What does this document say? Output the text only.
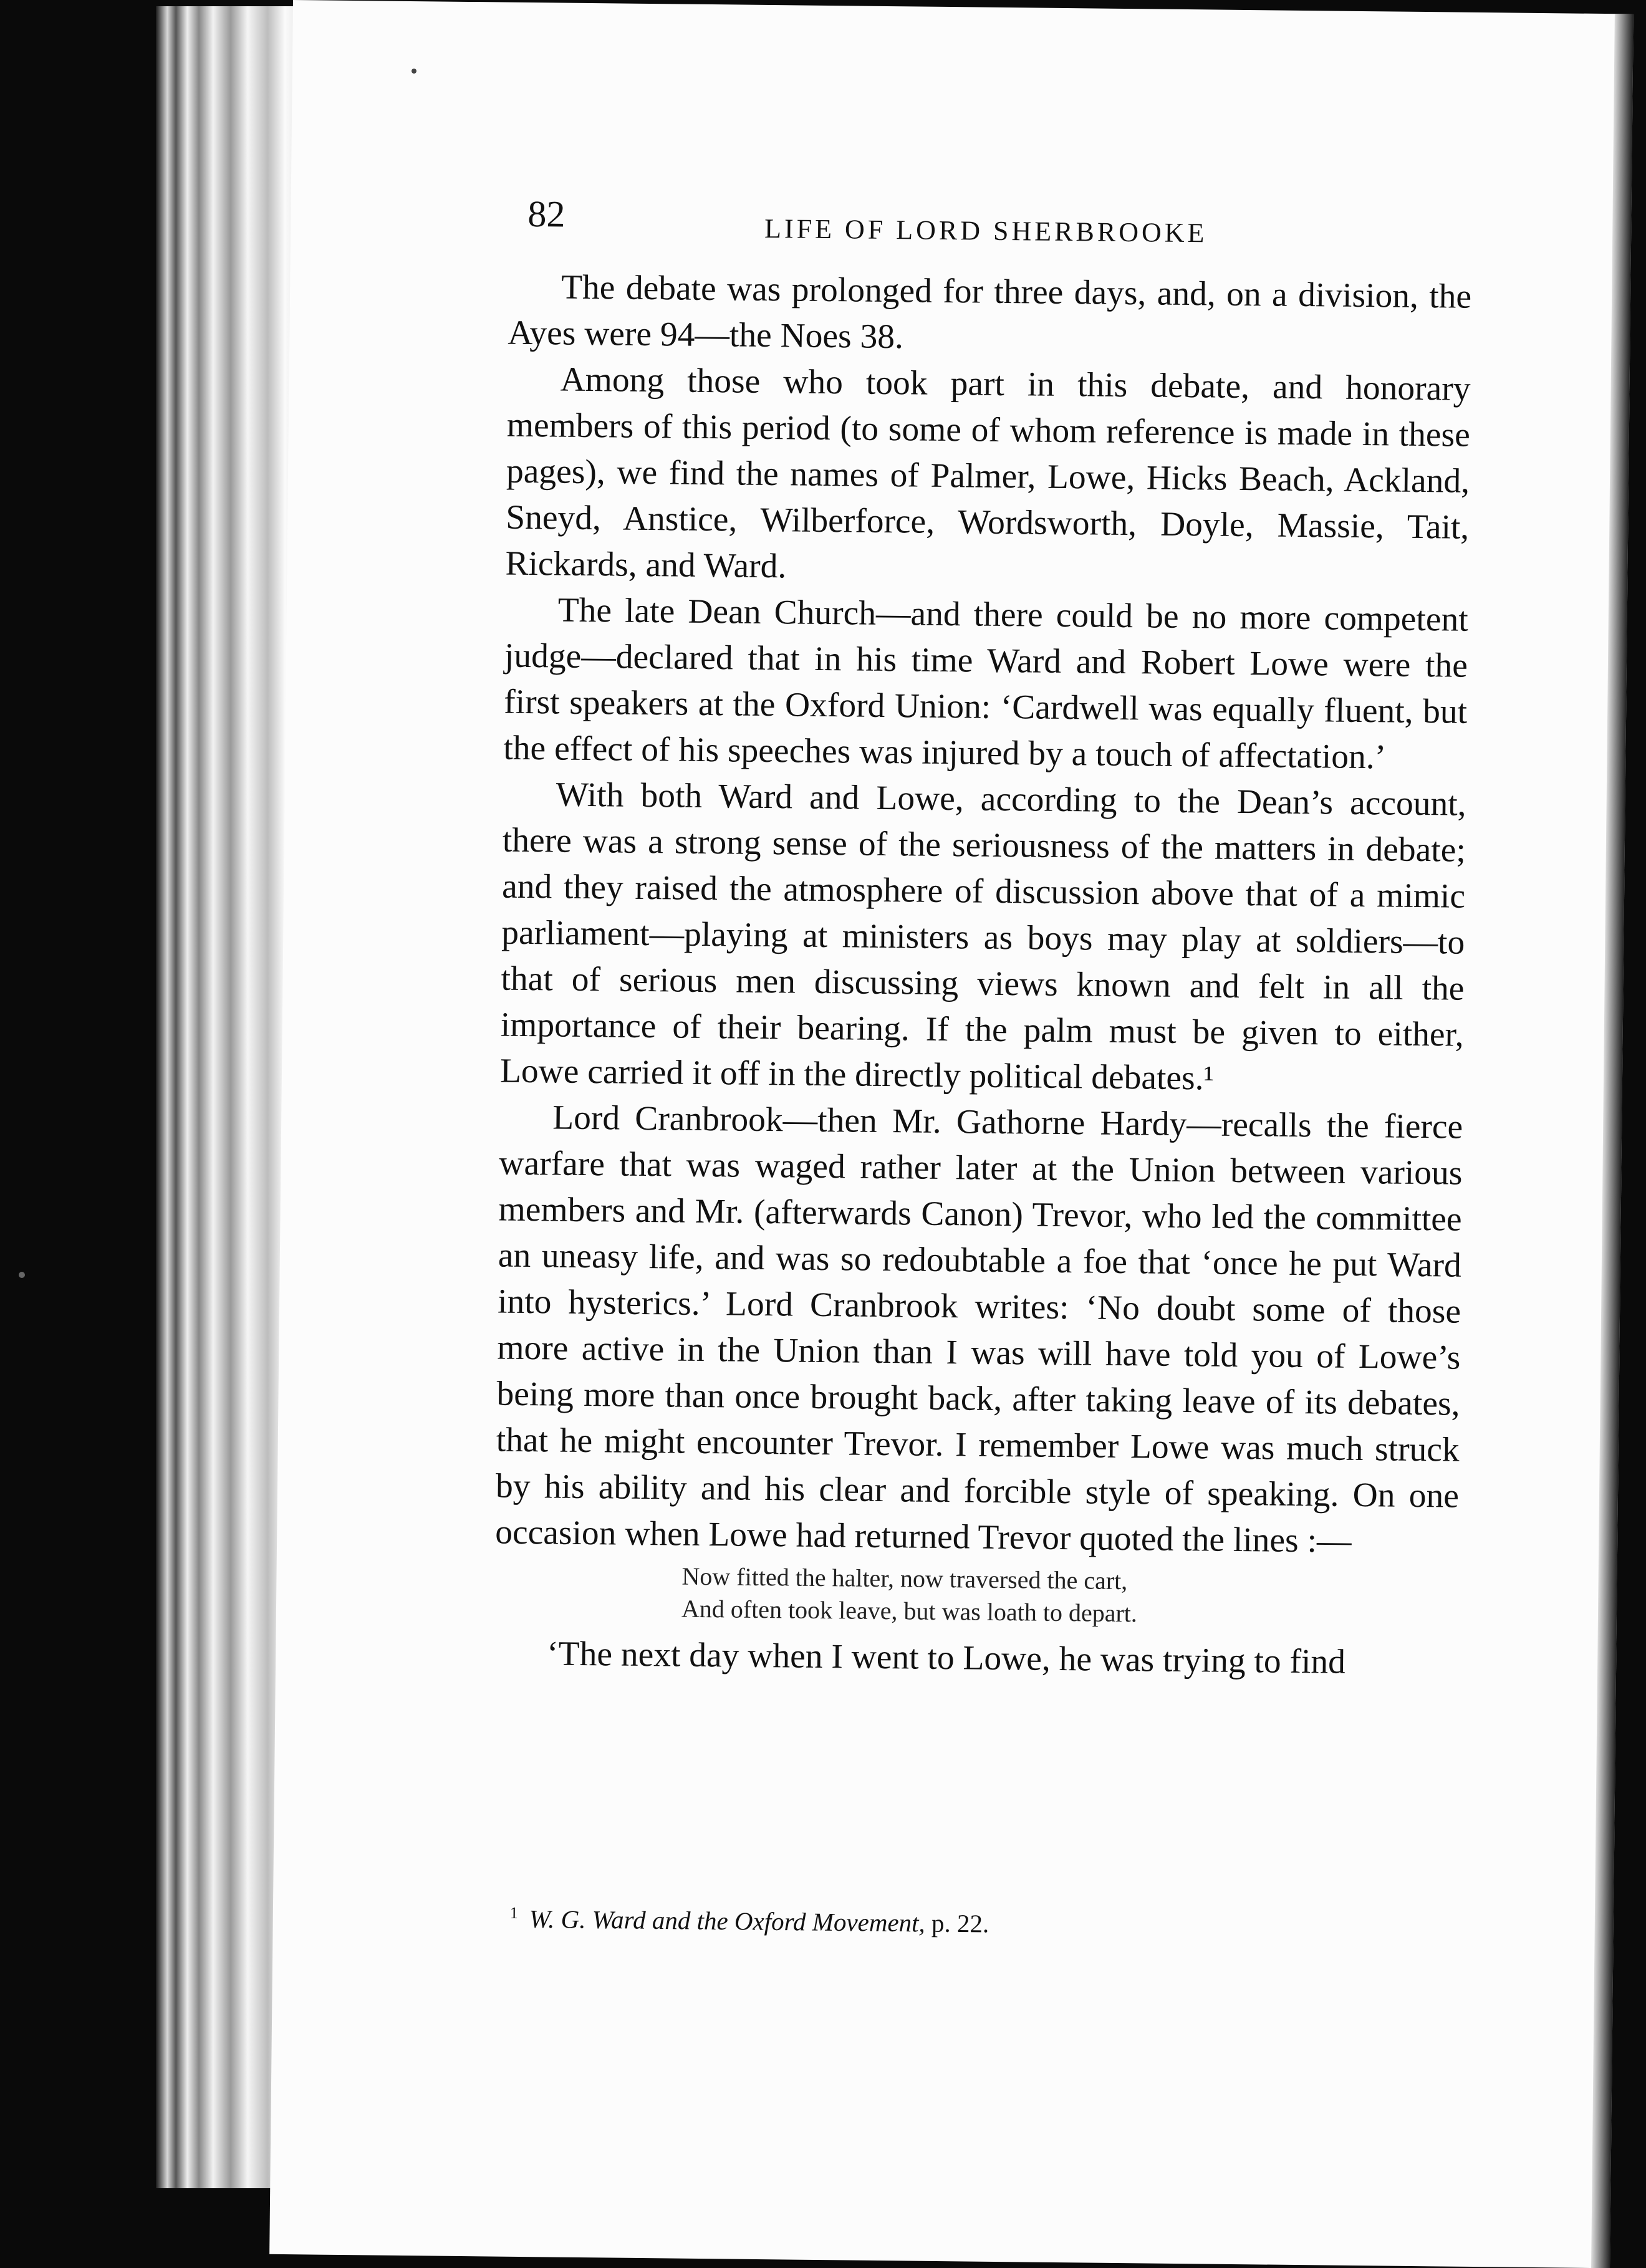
82	LIFE OF LORD SHERBROOKE

The debate was prolonged for three days, and, on a division, the Ayes were 94—the Noes 38.

Among those who took part in this debate, and honorary members of this period (to some of whom reference is made in these pages), we find the names of Palmer, Lowe, Hicks Beach, Ackland, Sneyd, Anstice, Wilberforce, Wordsworth, Doyle, Massie, Tait, Rickards, and Ward.

The late Dean Church—and there could be no more competent judge—declared that in his time Ward and Robert Lowe were the first speakers at the Oxford Union: ‘Cardwell was equally fluent, but the effect of his speeches was injured by a touch of affectation.’

With both Ward and Lowe, according to the Dean’s account, there was a strong sense of the seriousness of the matters in debate; and they raised the atmosphere of discussion above that of a mimic parliament—playing at ministers as boys may play at soldiers—to that of serious men discussing views known and felt in all the importance of their bearing. If the palm must be given to either, Lowe carried it off in the directly political debates.¹

Lord Cranbrook—then Mr. Gathorne Hardy—recalls the fierce warfare that was waged rather later at the Union between various members and Mr. (afterwards Canon) Trevor, who led the committee an uneasy life, and was so redoubtable a foe that ‘once he put Ward into hysterics.’ Lord Cranbrook writes: ‘No doubt some of those more active in the Union than I was will have told you of Lowe’s being more than once brought back, after taking leave of its debates, that he might encounter Trevor. I remember Lowe was much struck by his ability and his clear and forcible style of speaking. On one occasion when Lowe had returned Trevor quoted the lines :—

Now fitted the halter, now traversed the cart,
And often took leave, but was loath to depart.

‘The next day when I went to Lowe, he was trying to find

$^1$ W. G. Ward and the Oxford Movement, p. 22.
